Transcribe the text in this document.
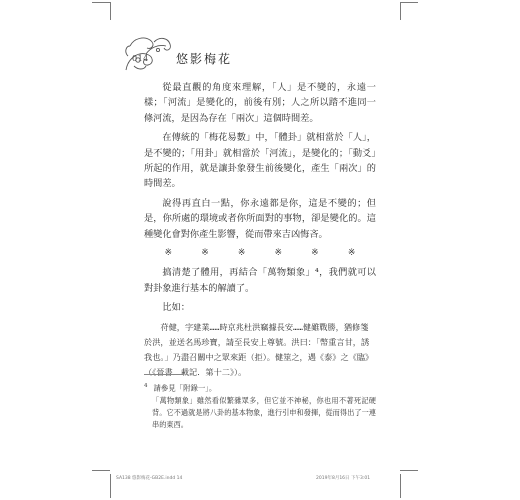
014 悠影梅花

從最直觀的角度來理解，「人」是不變的，永遠一樣；「河流」是變化的，前後有別；人之所以踏不進同一條河流，是因為存在「兩次」這個時間差。

在傳統的「梅花易數」中，「體卦」就相當於「人」，是不變的；「用卦」就相當於「河流」，是變化的；「動爻」所起的作用，就是讓卦象發生前後變化，產生「兩次」的時間差。

說得再直白一點，你永遠都是你，這是不變的；但是，你所處的環境或者你所面對的事物，卻是變化的。這種變化會對你產生影響，從而帶來吉凶悔吝。

※	※	※	※	※	※

搞清楚了體用，再結合「萬物類象」⁴，我們就可以對卦象進行基本的解讀了。

比如：

苻健，字建業……時京兆杜洪竊據長安……健雖戰勝，猶修箋於洪，並送名馬珍寶，請至長安上尊號。洪曰：「幣重言甘，誘我也。」乃盡召關中之眾來距（拒）。健筮之，遇《泰》之《臨》（《晉書．載記．第十二》）。
$^4$ 請參見「附錄一」。
「萬物類象」雖然看似繁雜眾多，但它並不神秘，你也用不著死記硬背。它不過就是將八卦的基本物象，進行引申和發揮，從而得出了一連串的東西。
SA138 悠影梅花-GB2E.indd 14	2019年8月16日 下午3:01
